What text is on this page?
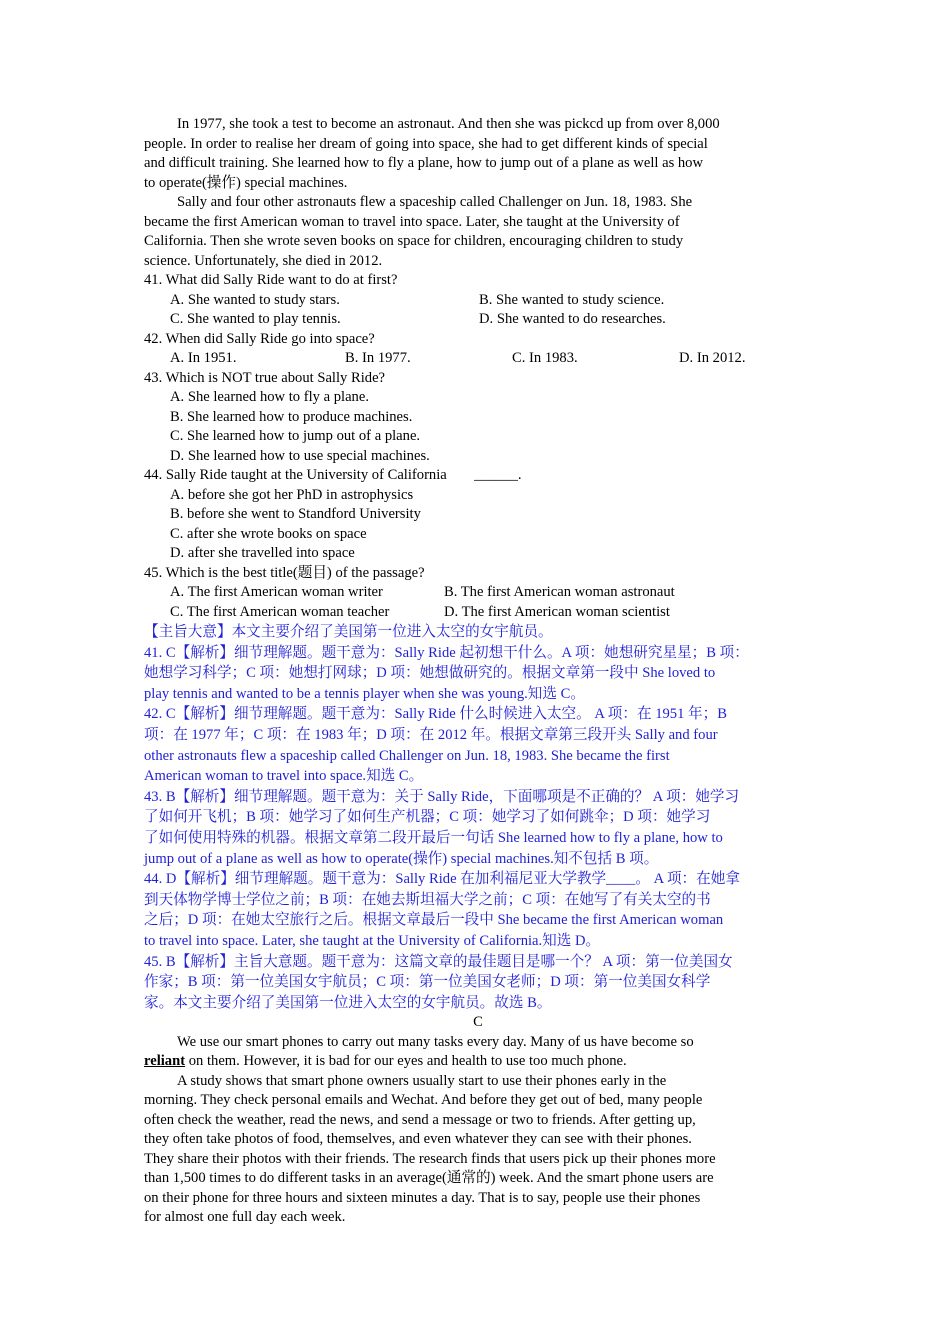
In 1977, she took a test to become an astronaut. And then she was pickcd up from over 8,000
people. In order to realise her dream of going into space, she had to get different kinds of special
and difficult training. She learned how to fly a plane, how to jump out of a plane as well as how
to operate(操作) special machines.
Sally and four other astronauts flew a spaceship called Challenger on Jun. 18, 1983. She
became the first American woman to travel into space. Later, she taught at the University of
California. Then she wrote seven books on space for children, encouraging children to study
science. Unfortunately, she died in 2012.
41. What did Sally Ride want to do at first?
A. She wanted to study stars.	B. She wanted to study science.
C. She wanted to play tennis.	D. She wanted to do researches.
42. When did Sally Ride go into space?
A. In 1951.	B. In 1977.	C. In 1983.	D. In 2012.
43. Which is NOT true about Sally Ride?
A. She learned how to fly a plane.
B. She learned how to produce machines.
C. She learned how to jump out of a plane.
D. She learned how to use special machines.
44. Sally Ride taught at the University of California ______.
A. before she got her PhD in astrophysics
B. before she went to Standford University
C. after she wrote books on space
D. after she travelled into space
45. Which is the best title(题目) of the passage?
A. The first American woman writer	B. The first American woman astronaut
C. The first American woman teacher	D. The first American woman scientist
【主旨大意】本文主要介绍了美国第一位进入太空的女宇航员。
41. C【解析】细节理解题。题干意为：Sally Ride 起初想干什么。A 项：她想研究星星；B 项：
她想学习科学；C 项：她想打网球；D 项：她想做研究的。根据文章第一段中 She loved to
play tennis and wanted to be a tennis player when she was young.知选 C。
42. C【解析】细节理解题。题干意为：Sally Ride 什么时候进入太空。 A 项：在 1951 年；B
项：在 1977 年；C 项：在 1983 年；D 项：在 2012 年。根据文章第三段开头 Sally and four
other astronauts flew a spaceship called Challenger on Jun. 18, 1983. She became the first
American woman to travel into space.知选 C。
43. B【解析】细节理解题。题干意为：关于 Sally Ride，下面哪项是不正确的？ A 项：她学习
了如何开飞机；B 项：她学习了如何生产机器；C 项：她学习了如何跳伞；D 项：她学习
了如何使用特殊的机器。根据文章第二段开最后一句话 She learned how to fly a plane, how to
jump out of a plane as well as how to operate(操作) special machines.知不包括 B 项。
44. D【解析】细节理解题。题干意为：Sally Ride 在加利福尼亚大学教学____。 A 项：在她拿
到天体物学博士学位之前；B 项：在她去斯坦福大学之前；C 项：在她写了有关太空的书
之后；D 项：在她太空旅行之后。根据文章最后一段中 She became the first American woman
to travel into space. Later, she taught at the University of California.知选 D。
45. B【解析】主旨大意题。题干意为：这篇文章的最佳题目是哪一个？ A 项：第一位美国女
作家；B 项：第一位美国女宇航员；C 项：第一位美国女老师；D 项：第一位美国女科学
家。本文主要介绍了美国第一位进入太空的女宇航员。故选 B。
C
We use our smart phones to carry out many tasks every day. Many of us have become so
reliant on them. However, it is bad for our eyes and health to use too much phone.
A study shows that smart phone owners usually start to use their phones early in the
morning. They check personal emails and Wechat. And before they get out of bed, many people
often check the weather, read the news, and send a message or two to friends. After getting up,
they often take photos of food, themselves, and even whatever they can see with their phones.
They share their photos with their friends. The research finds that users pick up their phones more
than 1,500 times to do different tasks in an average(通常的) week. And the smart phone users are
on their phone for three hours and sixteen minutes a day. That is to say, people use their phones
for almost one full day each week.
